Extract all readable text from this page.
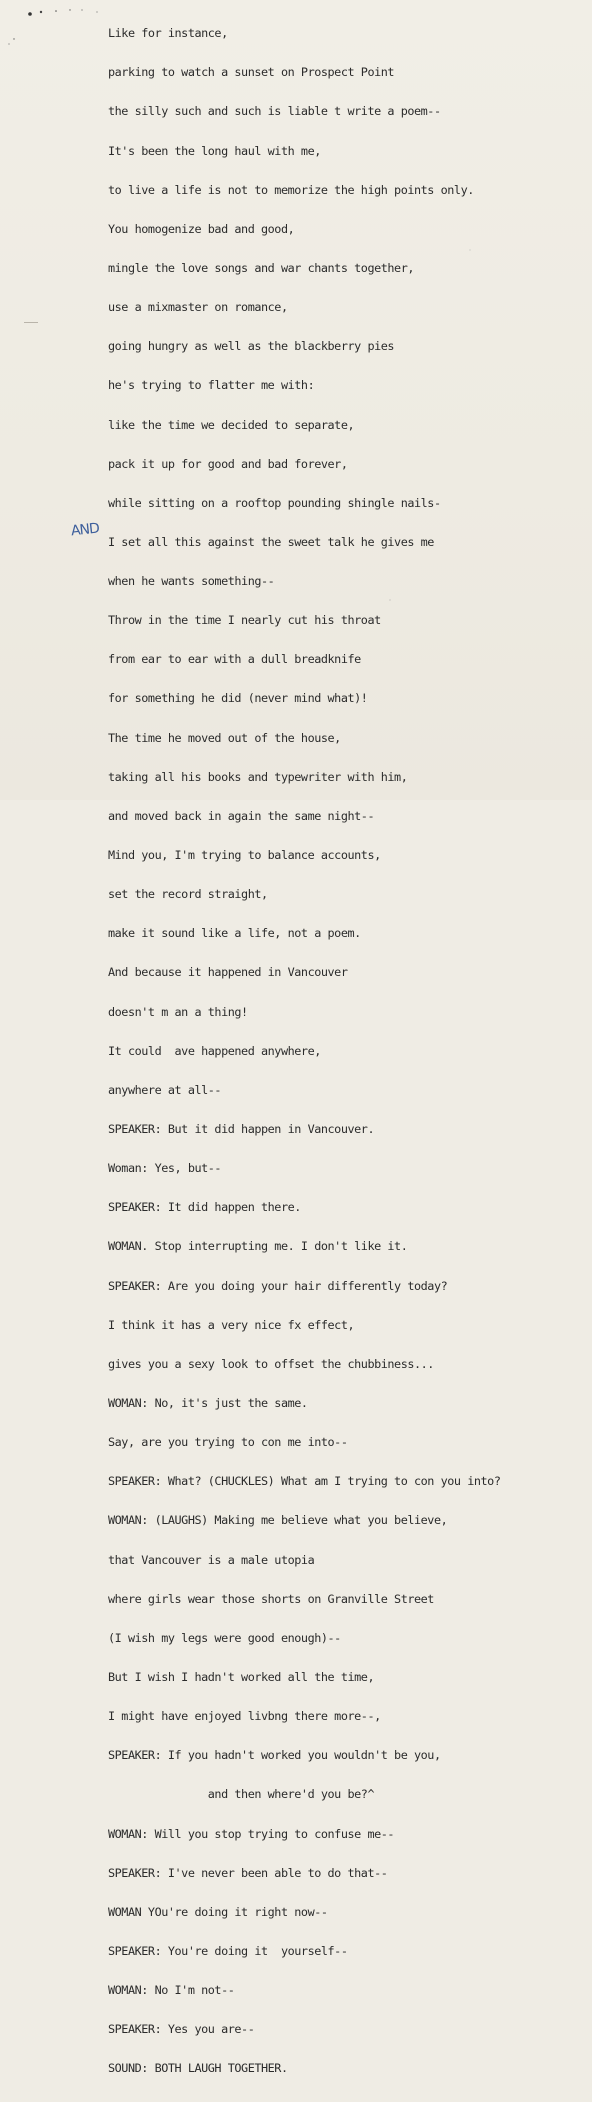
Like for instance,

parking to watch a sunset on Prospect Point

the silly such and such is liable t write a poem--

It's been the long haul with me,

to live a life is not to memorize the high points only.

You homogenize bad and good,

mingle the love songs and war chants together,

use a mixmaster on romance,

going hungry as well as the blackberry pies

he's trying to flatter me with:

like the time we decided to separate,

pack it up for good and bad forever,

while sitting on a rooftop pounding shingle nails-

I set all this against the sweet talk he gives me

when he wants something--

Throw in the time I nearly cut his throat

from ear to ear with a dull breadknife

for something he did (never mind what)!

The time he moved out of the house,

taking all his books and typewriter with him,

and moved back in again the same night--

Mind you, I'm trying to balance accounts,

set the record straight,

make it sound like a life, not a poem.

And because it happened in Vancouver

doesn't m an a thing!

It could  ave happened anywhere,

anywhere at all--

SPEAKER: But it did happen in Vancouver.

Woman: Yes, but--

SPEAKER: It did happen there.

WOMAN. Stop interrupting me. I don't like it.

SPEAKER: Are you doing your hair differently today?

I think it has a very nice fx effect,

gives you a sexy look to offset the chubbiness...

WOMAN: No, it's just the same.

Say, are you trying to con me into--

SPEAKER: What? (CHUCKLES) What am I trying to con you into?

WOMAN: (LAUGHS) Making me believe what you believe,

that Vancouver is a male utopia

where girls wear those shorts on Granville Street

(I wish my legs were good enough)--

But I wish I hadn't worked all the time,

I might have enjoyed livbng there more--,

SPEAKER: If you hadn't worked you wouldn't be you,

and then where'd you be?^

WOMAN: Will you stop trying to confuse me--

SPEAKER: I've never been able to do that--

WOMAN YOu're doing it right now--

SPEAKER: You're doing it  yourself--

WOMAN: No I'm not--

SPEAKER: Yes you are--

SOUND: BOTH LAUGH TOGETHER.

AND
